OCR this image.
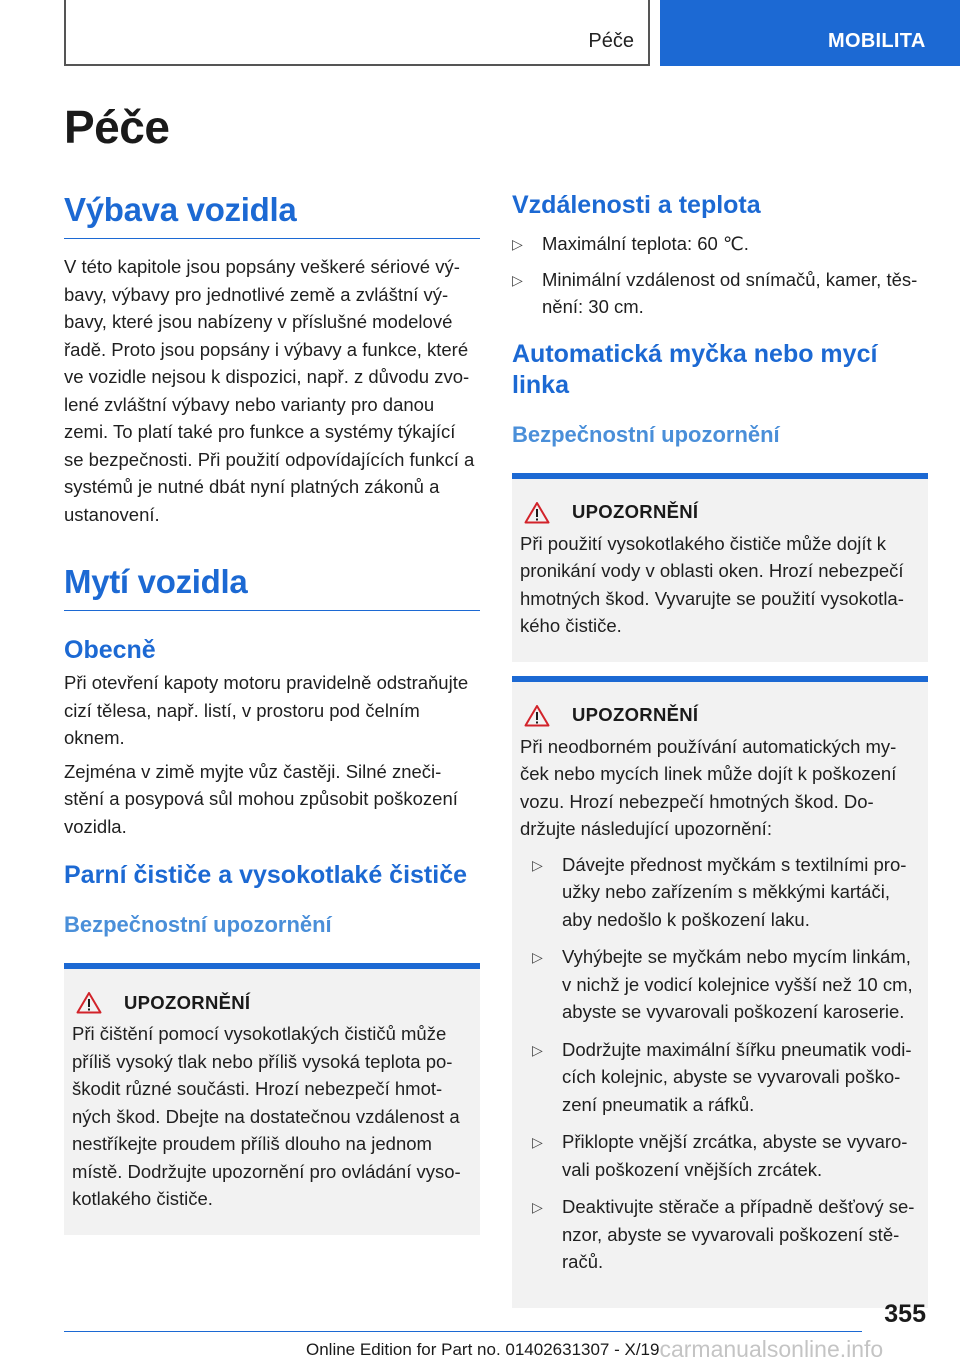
Péče	MOBILITA
Péče
Výbava vozidla

V této kapitole jsou popsány veškeré sériové vý-bavy, výbavy pro jednotlivé země a zvláštní vý-bavy, které jsou nabízeny v příslušné modelové řadě. Proto jsou popsány i výbavy a funkce, které ve vozidle nejsou k dispozici, např. z důvodu zvo-lené zvláštní výbavy nebo varianty pro danou zemi. To platí také pro funkce a systémy týkající se bezpečnosti. Při použití odpovídajících funkcí a systémů je nutné dbát nyní platných zákonů a ustanovení.

Mytí vozidla
Obecně

Při otevření kapoty motoru pravidelně odstraňujte cizí tělesa, např. listí, v prostoru pod čelním oknem.

Zejména v zimě myjte vůz častěji. Silné zneči-stění a posypová sůl mohou způsobit poškození vozidla.

Parní čističe a vysokotlaké čističe
Bezpečnostní upozornění
UPOZORNĚNÍ

Při čištění pomocí vysokotlakých čističů může příliš vysoký tlak nebo příliš vysoká teplota po-škodit různé součásti. Hrozí nebezpečí hmot-ných škod. Dbejte na dostatečnou vzdálenost a nestříkejte proudem příliš dlouho na jednom místě. Dodržujte upozornění pro ovládání vyso-kotlakého čističe.

Vzdálenosti a teplota
▷ Maximální teplota: 60 ℃.
▷ Minimální vzdálenost od snímačů, kamer, těs-nění: 30 cm.
Automatická myčka nebo mycí linka
Bezpečnostní upozornění
UPOZORNĚNÍ

Při použití vysokotlakého čističe může dojít k pronikání vody v oblasti oken. Hrozí nebezpečí hmotných škod. Vyvarujte se použití vysokotla-kého čističe.

UPOZORNĚNÍ

Při neodborném používání automatických my-ček nebo mycích linek může dojít k poškození vozu. Hrozí nebezpečí hmotných škod. Do-držujte následující upozornění:

▷ Dávejte přednost myčkám s textilními pro-užky nebo zařízením s měkkými kartáči, aby nedošlo k poškození laku.
▷ Vyhýbejte se myčkám nebo mycím linkám, v nichž je vodicí kolejnice vyšší než 10 cm, abyste se vyvarovali poškození karoserie.
▷ Dodržujte maximální šířku pneumatik vodi-cích kolejnic, abyste se vyvarovali poško-zení pneumatik a ráfků.
▷ Přiklopte vnější zrcátka, abyste se vyvaro-vali poškození vnějších zrcátek.
▷ Deaktivujte stěrače a případně dešťový se-nzor, abyste se vyvarovali poškození stě-račů.
355
Online Edition for Part no. 01402631307 - X/19carmanualsonline.info
